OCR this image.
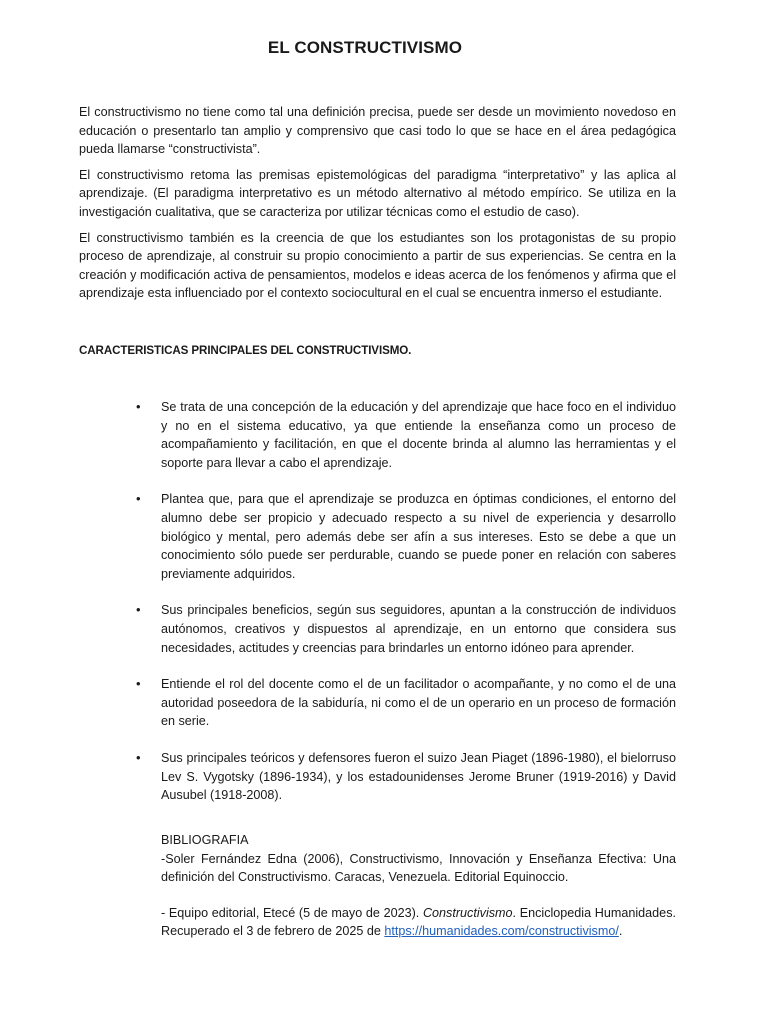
EL CONSTRUCTIVISMO

El constructivismo no tiene como tal una definición precisa, puede ser desde un movimiento novedoso en educación o presentarlo tan amplio y comprensivo que casi todo lo que se hace en el área pedagógica pueda llamarse “constructivista”.

El constructivismo retoma las premisas epistemológicas del paradigma “interpretativo” y las aplica al aprendizaje. (El paradigma interpretativo es un método alternativo al método empírico. Se utiliza en la investigación cualitativa, que se caracteriza por utilizar técnicas como el estudio de caso).

El constructivismo también es la creencia de que los estudiantes son los protagonistas de su propio proceso de aprendizaje, al construir su propio conocimiento a partir de sus experiencias. Se centra en la creación y modificación activa de pensamientos, modelos e ideas acerca de los fenómenos y afirma que el aprendizaje esta influenciado por el contexto sociocultural en el cual se encuentra inmerso el estudiante.

CARACTERISTICAS PRINCIPALES DEL CONSTRUCTIVISMO.
• Se trata de una concepción de la educación y del aprendizaje que hace foco en el individuo y no en el sistema educativo, ya que entiende la enseñanza como un proceso de acompañamiento y facilitación, en que el docente brinda al alumno las herramientas y el soporte para llevar a cabo el aprendizaje.
• Plantea que, para que el aprendizaje se produzca en óptimas condiciones, el entorno del alumno debe ser propicio y adecuado respecto a su nivel de experiencia y desarrollo biológico y mental, pero además debe ser afín a sus intereses. Esto se debe a que un conocimiento sólo puede ser perdurable, cuando se puede poner en relación con saberes previamente adquiridos.
• Sus principales beneficios, según sus seguidores, apuntan a la construcción de individuos autónomos, creativos y dispuestos al aprendizaje, en un entorno que considera sus necesidades, actitudes y creencias para brindarles un entorno idóneo para aprender.
• Entiende el rol del docente como el de un facilitador o acompañante, y no como el de una autoridad poseedora de la sabiduría, ni como el de un operario en un proceso de formación en serie.
• Sus principales teóricos y defensores fueron el suizo Jean Piaget (1896-1980), el bielorruso Lev S. Vygotsky (1896-1934), y los estadounidenses Jerome Bruner (1919-2016) y David Ausubel (1918-2008).

BIBLIOGRAFIA

-Soler Fernández Edna (2006), Constructivismo, Innovación y Enseñanza Efectiva: Una definición del Constructivismo. Caracas, Venezuela. Editorial Equinoccio.

- Equipo editorial, Etecé (5 de mayo de 2023). Constructivismo. Enciclopedia Humanidades. Recuperado el 3 de febrero de 2025 de https://humanidades.com/constructivismo/.
